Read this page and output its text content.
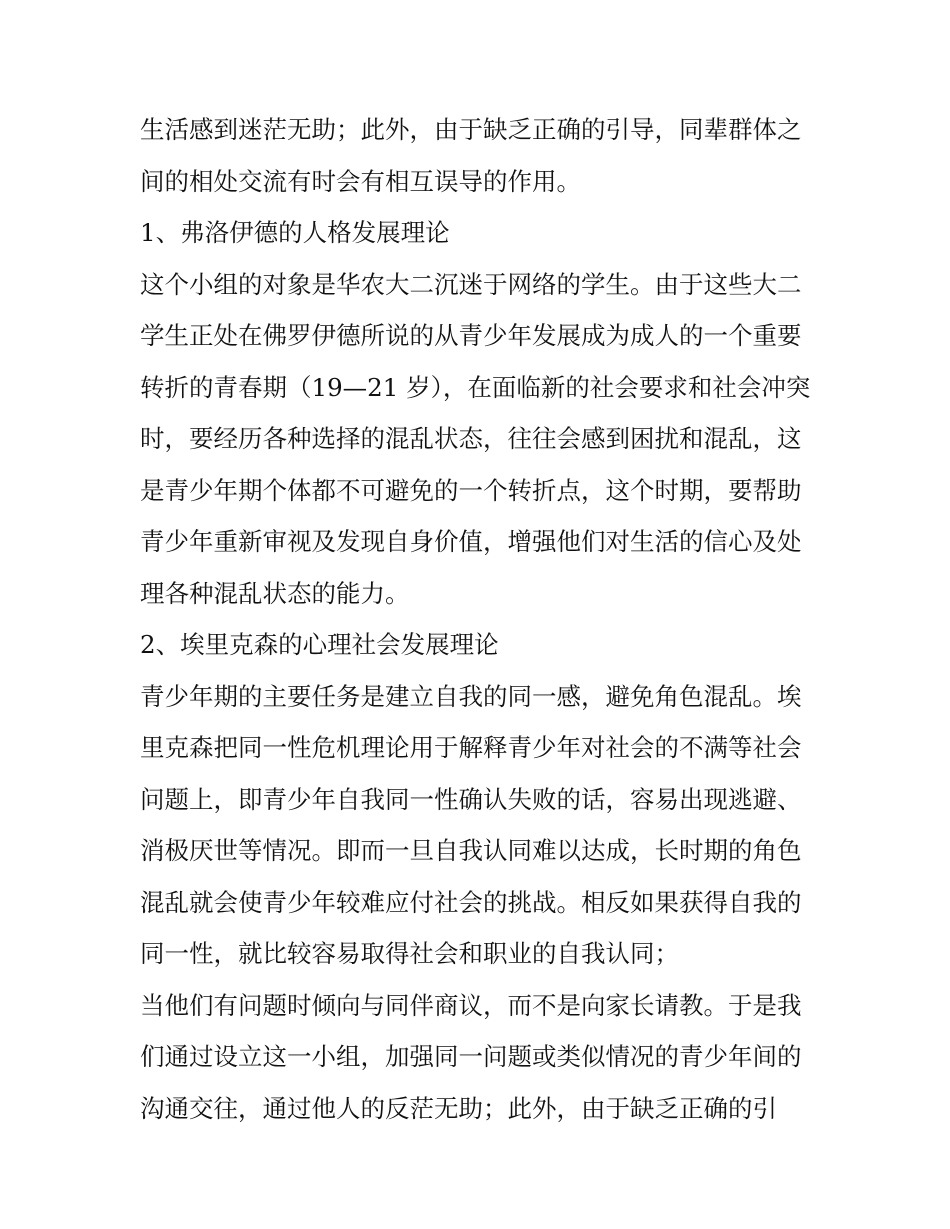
生活感到迷茫无助；此外，由于缺乏正确的引导，同辈群体之
间的相处交流有时会有相互误导的作用。
1、弗洛伊德的人格发展理论
这个小组的对象是华农大二沉迷于网络的学生。由于这些大二
学生正处在佛罗伊德所说的从青少年发展成为成人的一个重要
转折的青春期（19—21 岁），在面临新的社会要求和社会冲突
时，要经历各种选择的混乱状态，往往会感到困扰和混乱，这
是青少年期个体都不可避免的一个转折点，这个时期，要帮助
青少年重新审视及发现自身价值，增强他们对生活的信心及处
理各种混乱状态的能力。
2、埃里克森的心理社会发展理论
青少年期的主要任务是建立自我的同一感，避免角色混乱。埃
里克森把同一性危机理论用于解释青少年对社会的不满等社会
问题上，即青少年自我同一性确认失败的话，容易出现逃避、
消极厌世等情况。即而一旦自我认同难以达成，长时期的角色
混乱就会使青少年较难应付社会的挑战。相反如果获得自我的
同一性，就比较容易取得社会和职业的自我认同；
当他们有问题时倾向与同伴商议，而不是向家长请教。于是我
们通过设立这一小组，加强同一问题或类似情况的青少年间的
沟通交往，通过他人的反茫无助；此外，由于缺乏正确的引
